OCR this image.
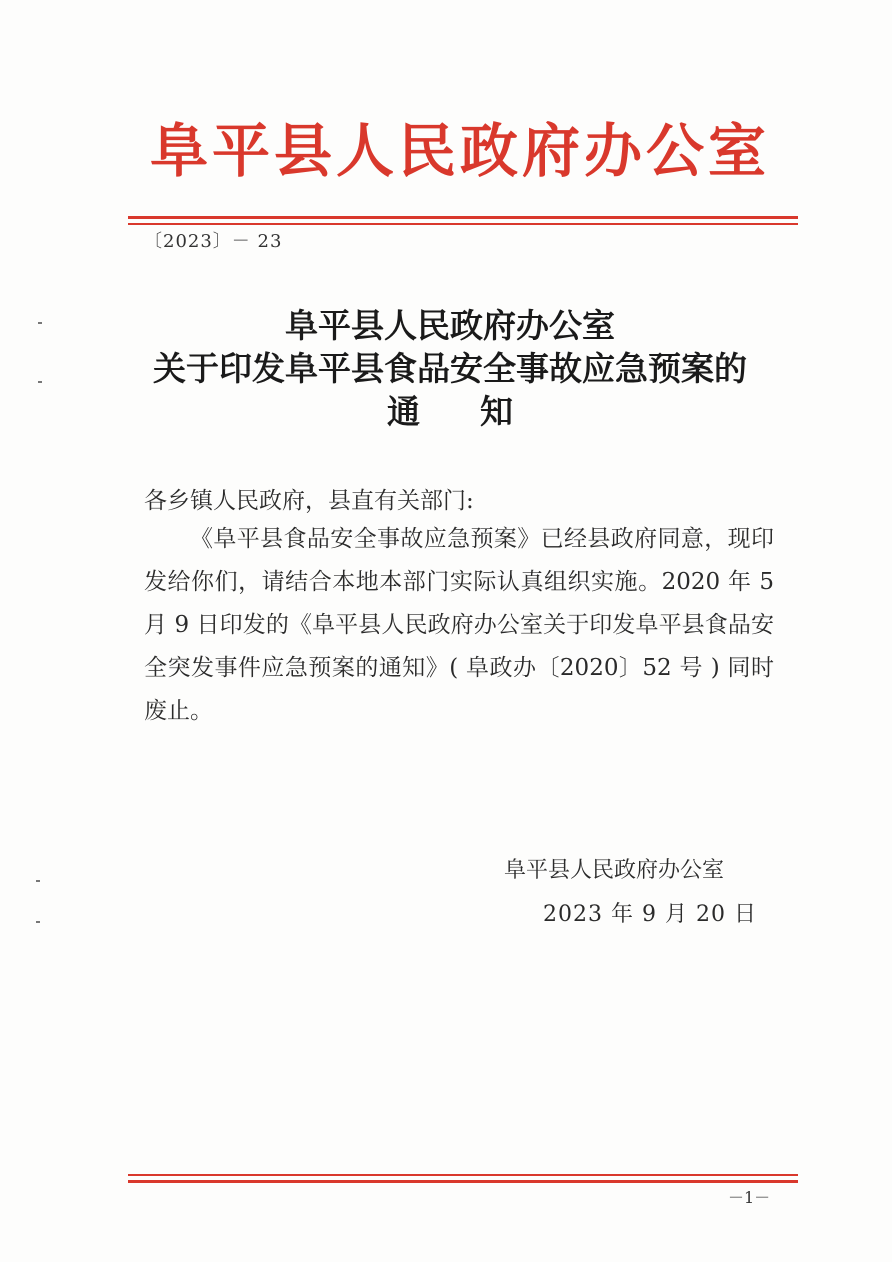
阜平县人民政府办公室
〔2023〕－ 23
阜平县人民政府办公室
关于印发阜平县食品安全事故应急预案的
通知
各乡镇人民政府，县直有关部门:
《阜平县食品安全事故应急预案》已经县政府同意，现印发给你们，请结合本地本部门实际认真组织实施。2020 年 5 月 9 日印发的《阜平县人民政府办公室关于印发阜平县食品安全突发事件应急预案的通知》( 阜政办〔2020〕52 号 ) 同时废止。
阜平县人民政府办公室
2023 年 9 月 20 日
－1－
